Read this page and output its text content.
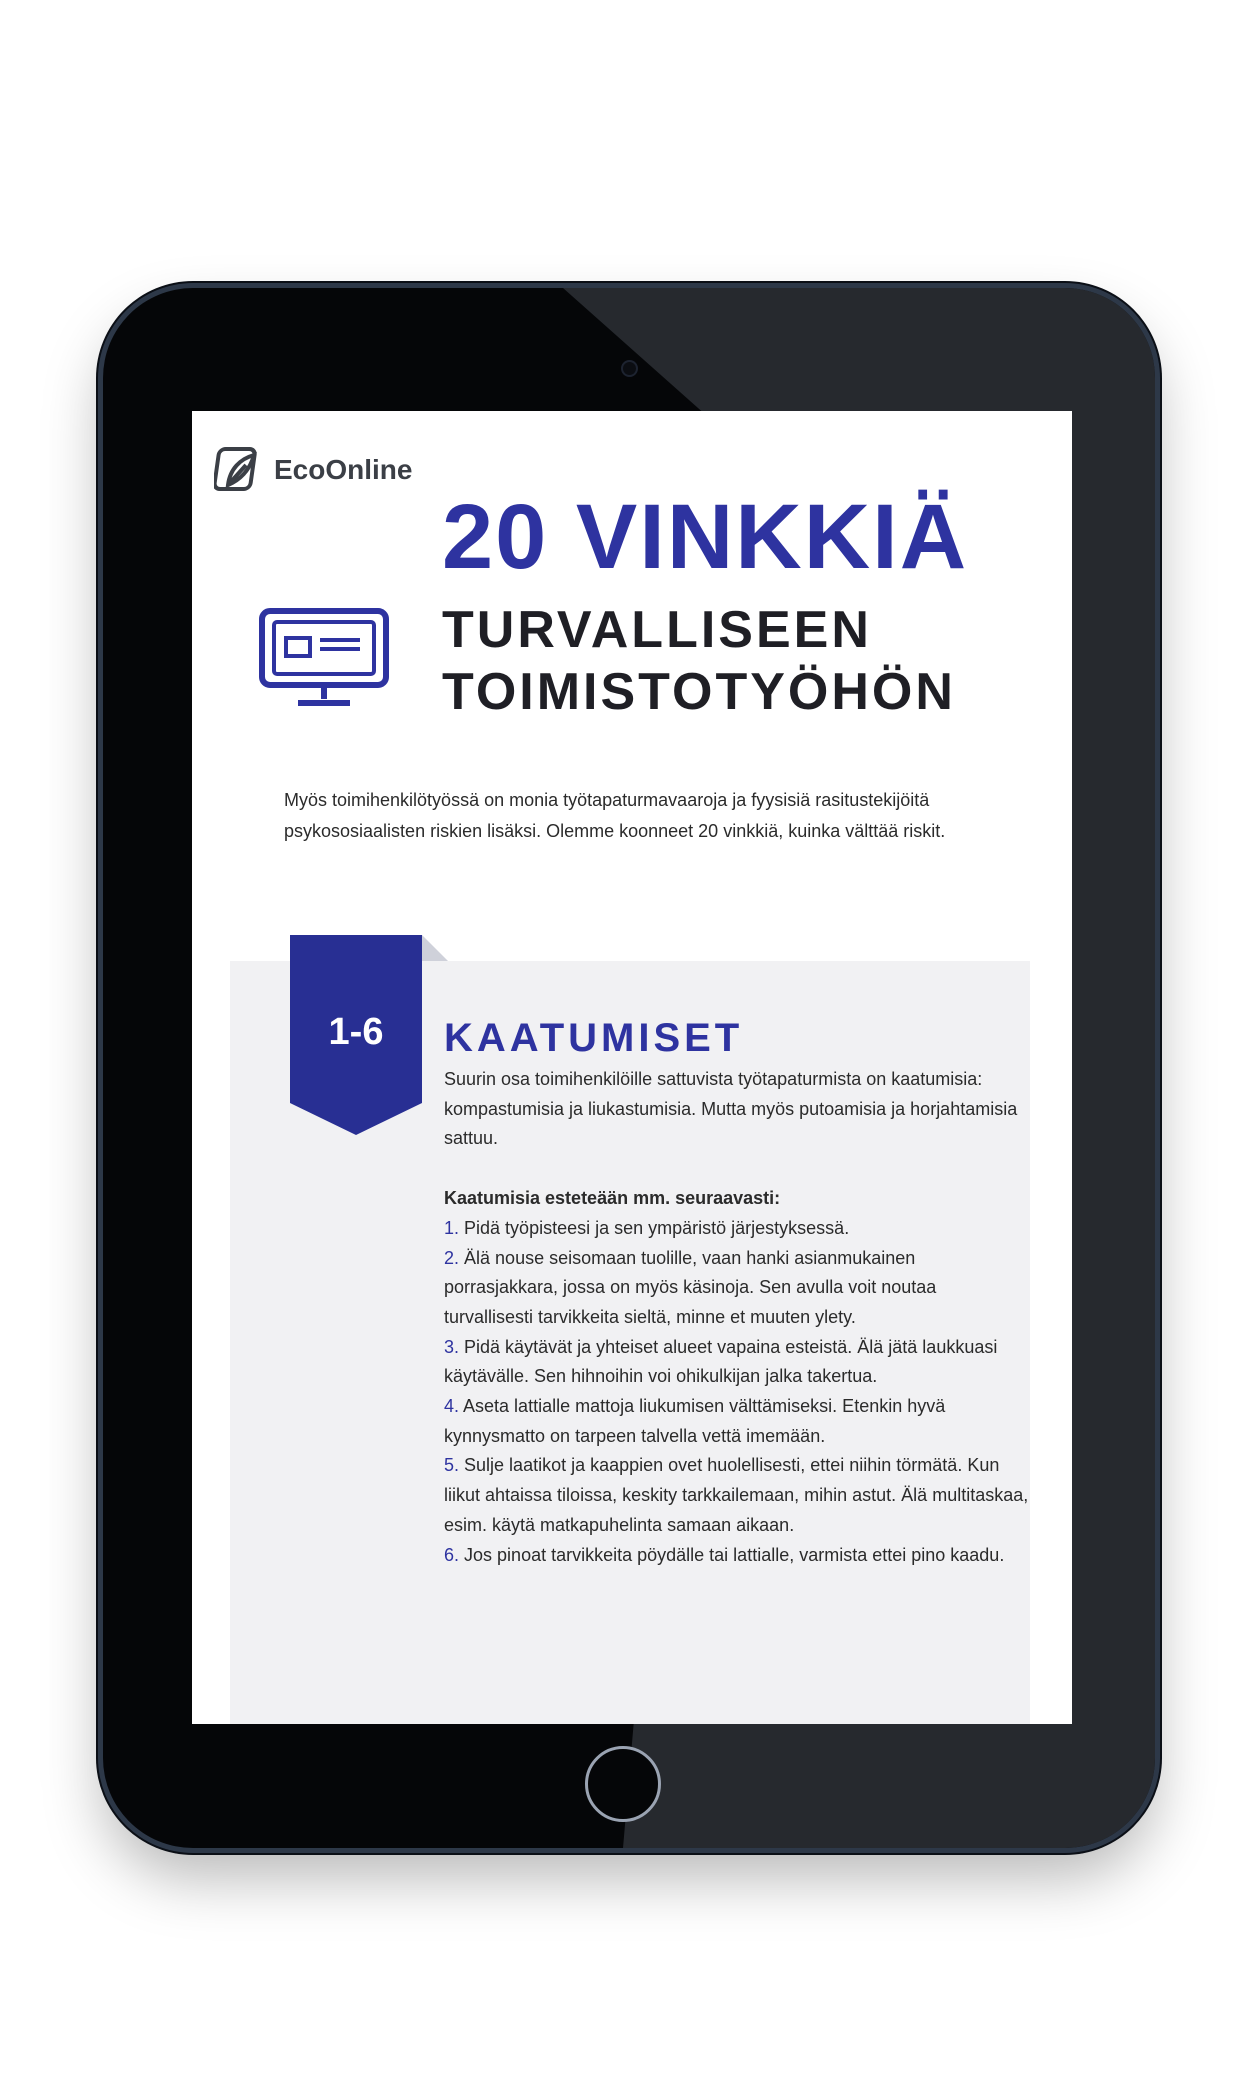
EcoOnline
20 VINKKIÄ
TURVALLISEEN
TOIMISTOTYÖHÖN
Myös toimihenkilötyössä on monia työtapaturmavaaroja ja fyysisiä rasitustekijöitä psykososiaalisten riskien lisäksi. Olemme koonneet 20 vinkkiä, kuinka välttää riskit.
1-6	KAATUMISET

Suurin osa toimihenkilöille sattuvista työtapaturmista on kaatumisia: kompastumisia ja liukastumisia. Mutta myös putoamisia ja horjahtamisia sattuu.

Kaatumisia esteteään mm. seuraavasti:

1. Pidä työpisteesi ja sen ympäristö järjestyksessä.
2. Älä nouse seisomaan tuolille, vaan hanki asianmukainen porrasjakkara, jossa on myös käsinoja. Sen avulla voit noutaa turvallisesti tarvikkeita sieltä, minne et muuten ylety.
3. Pidä käytävät ja yhteiset alueet vapaina esteistä. Älä jätä laukkuasi käytävälle. Sen hihnoihin voi ohikulkijan jalka takertua.
4. Aseta lattialle mattoja liukumisen välttämiseksi. Etenkin hyvä kynnysmatto on tarpeen talvella vettä imemään.
5. Sulje laatikot ja kaappien ovet huolellisesti, ettei niihin törmätä. Kun liikut ahtaissa tiloissa, keskity tarkkailemaan, mihin astut. Älä multitaskaa, esim. käytä matkapuhelinta samaan aikaan.
6. Jos pinoat tarvikkeita pöydälle tai lattialle, varmista ettei pino kaadu.
